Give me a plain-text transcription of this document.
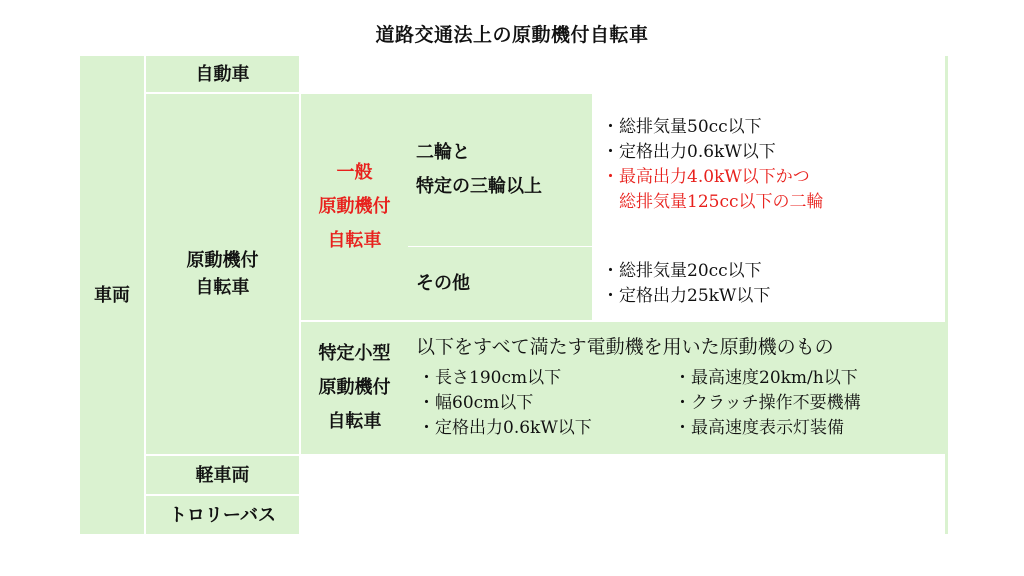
道路交通法上の原動機付自転車
車両
自動車
原動機付
自転車
一般
原動機付
自転車
二輪と
特定の三輪以上
・総排気量50cc以下
・定格出力0.6kW以下
・最高出力4.0kW以下かつ
総排気量125cc以下の二輪
その他
・総排気量20cc以下
・定格出力25kW以下
特定小型
原動機付
自転車
以下をすべて満たす電動機を用いた原動機のもの
・長さ190cm以下
・幅60cm以下
・定格出力0.6kW以下
・最高速度20km/h以下
・クラッチ操作不要機構
・最高速度表示灯装備
軽車両
トロリーバス
